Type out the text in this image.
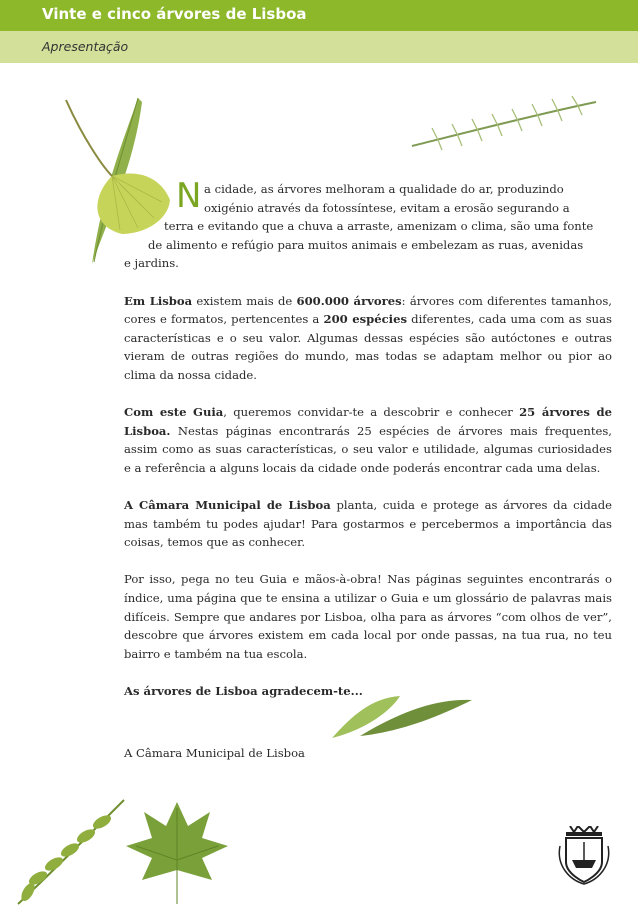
Vinte e cinco árvores de Lisboa
Apresentação

N a cidade, as árvores melhoram a qualidade do ar, produzindo
oxigénio através da fotossíntese, evitam a erosão segurando a
terra e evitando que a chuva a arraste, amenizam o clima, são uma fonte
de alimento e refúgio para muitos animais e embelezam as ruas, avenidas
e jardins.

Em Lisboa existem mais de 600.000 árvores: árvores com diferentes tamanhos, cores e formatos, pertencentes a 200 espécies diferentes, cada uma com as suas características e o seu valor. Algumas dessas espécies são autóctones e outras vieram de outras regiões do mundo, mas todas se adaptam melhor ou pior ao clima da nossa cidade.

Com este Guia, queremos convidar-te a descobrir e conhecer 25 árvores de Lisboa. Nestas páginas encontrarás 25 espécies de árvores mais frequentes, assim como as suas características, o seu valor e utilidade, algumas curiosidades e a referência a alguns locais da cidade onde poderás encontrar cada uma delas.

A Câmara Municipal de Lisboa planta, cuida e protege as árvores da cidade mas também tu podes ajudar! Para gostarmos e percebermos a importância das coisas, temos que as conhecer.

Por isso, pega no teu Guia e mãos-à-obra! Nas páginas seguintes encontrarás o índice, uma página que te ensina a utilizar o Guia e um glossário de palavras mais difíceis. Sempre que andares por Lisboa, olha para as árvores “com olhos de ver”, descobre que árvores existem em cada local por onde passas, na tua rua, no teu bairro e também na tua escola.

As árvores de Lisboa agradecem-te...

A Câmara Municipal de Lisboa
